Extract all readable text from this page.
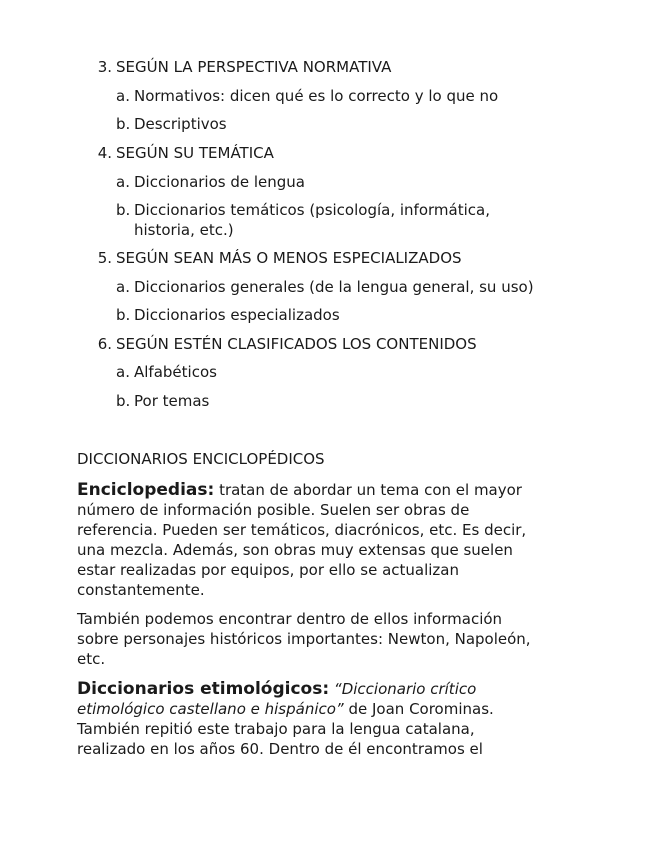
3. SEGÚN LA PERSPECTIVA NORMATIVA
a. Normativos: dicen qué es lo correcto y lo que no
b. Descriptivos
4. SEGÚN SU TEMÁTICA
a. Diccionarios de lengua
b. Diccionarios temáticos (psicología, informática,
historia, etc.)
5. SEGÚN SEAN MÁS O MENOS ESPECIALIZADOS
a. Diccionarios generales (de la lengua general, su uso)
b. Diccionarios especializados
6. SEGÚN ESTÉN CLASIFICADOS LOS CONTENIDOS
a. Alfabéticos
b. Por temas
DICCIONARIOS ENCICLOPÉDICOS
Enciclopedias: tratan de abordar un tema con el mayor
número de información posible. Suelen ser obras de
referencia. Pueden ser temáticos, diacrónicos, etc. Es decir,
una mezcla. Además, son obras muy extensas que suelen
estar realizadas por equipos, por ello se actualizan
constantemente.
También podemos encontrar dentro de ellos información
sobre personajes históricos importantes: Newton, Napoleón,
etc.
Diccionarios etimológicos: “Diccionario crítico
etimológico castellano e hispánico” de Joan Corominas.
También repitió este trabajo para la lengua catalana,
realizado en los años 60. Dentro de él encontramos el
